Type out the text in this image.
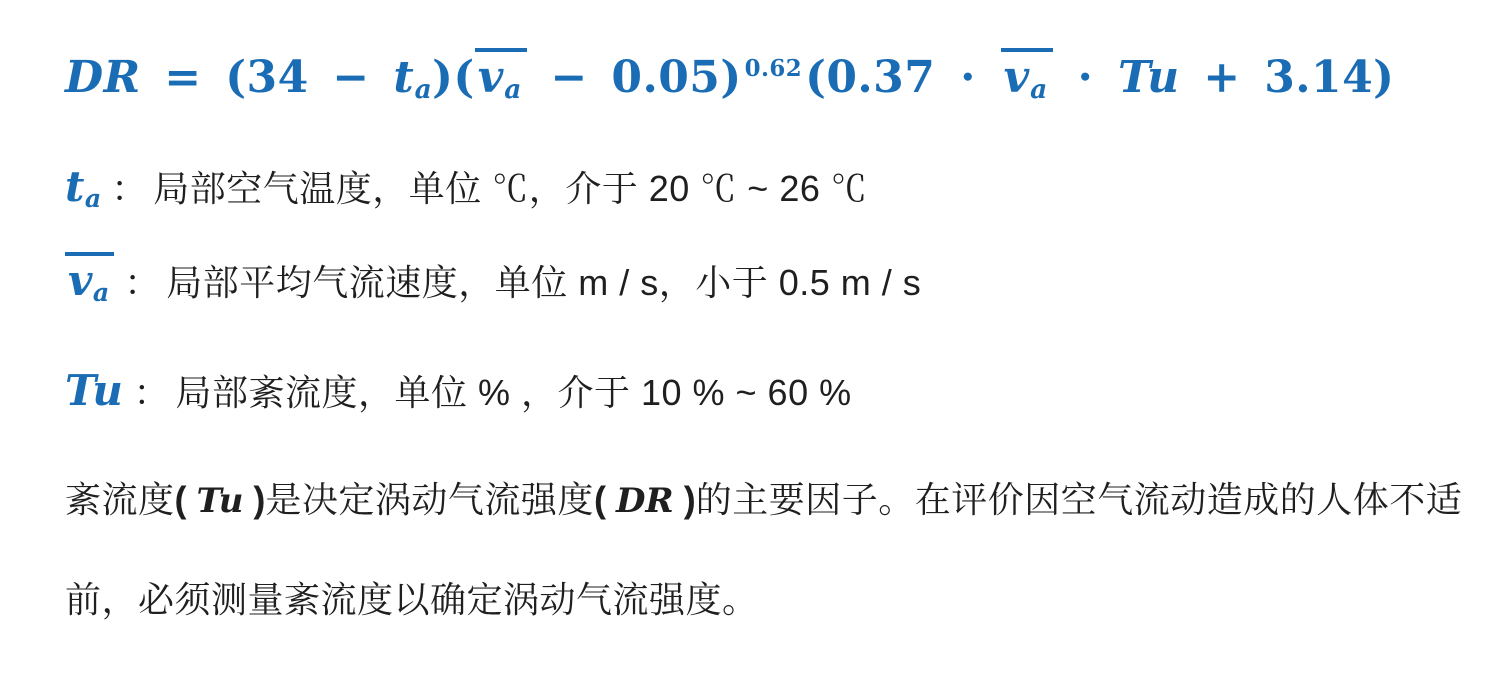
DR = (34 − ta)(va − 0.05) $^{0.62}$(0.37 ⋅ va ⋅ Tu + 3.14)
ta ： 局部空气温度，单位 ℃，介于 20 ℃ ~ 26 ℃
va ： 局部平均气流速度，单位 m / s，小于 0.5 m / s
Tu ： 局部紊流度，单位 % ，介于 10 % ~ 60 %
紊流度( Tu )是决定涡动气流强度( DR )的主要因子。在评价因空气流动造成的人体不适
前，必须测量紊流度以确定涡动气流强度。
